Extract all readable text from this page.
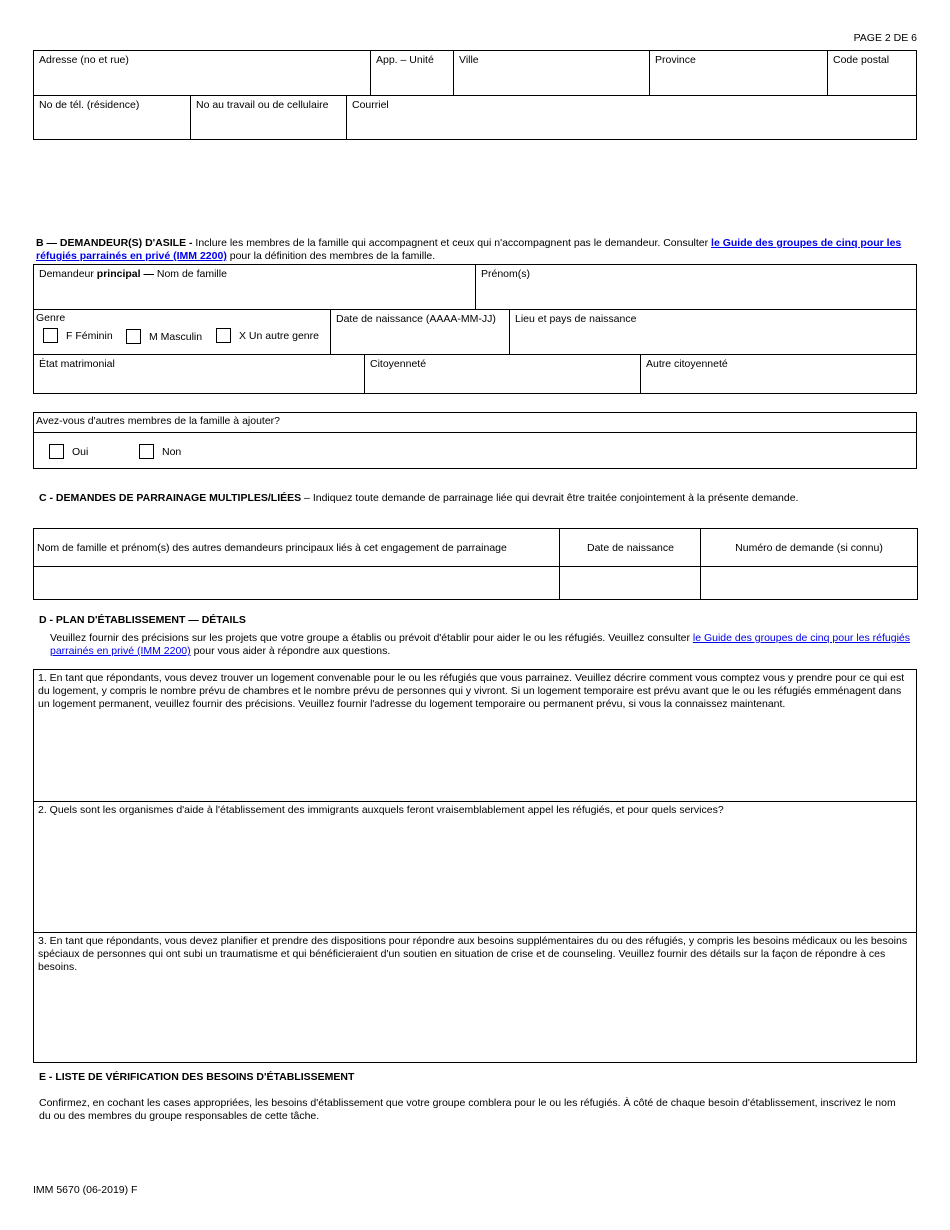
PAGE 2 DE 6
Adresse (no et rue)	App. – Unité	Ville	Province	Code postal
No de tél. (résidence)	No au travail ou de cellulaire	Courriel
B — DEMANDEUR(S) D'ASILE - Inclure les membres de la famille qui accompagnent et ceux qui n'accompagnent pas le demandeur. Consulter le Guide des groupes de cinq pour les réfugiés parrainés en privé (IMM 2200) pour la définition des membres de la famille.
Demandeur principal — Nom de famille	Prénom(s)
Genre	Date de naissance (AAAA-MM-JJ)	Lieu et pays de naissance
État matrimonial	Citoyenneté	Autre citoyenneté
F Féminin	M Masculin	X Un autre genre
Avez-vous d'autres membres de la famille à ajouter?
Oui	Non
C - DEMANDES DE PARRAINAGE MULTIPLES/LIÉES – Indiquez toute demande de parrainage liée qui devrait être traitée conjointement à la présente demande.
Nom de famille et prénom(s) des autres demandeurs principaux liés à cet engagement de parrainage	Date de naissance	Numéro de demande (si connu)
D - PLAN D'ÉTABLISSEMENT — DÉTAILS
Veuillez fournir des précisions sur les projets que votre groupe a établis ou prévoit d'établir pour aider le ou les réfugiés. Veuillez consulter le Guide des groupes de cinq pour les réfugiés parrainés en privé (IMM 2200) pour vous aider à répondre aux questions.
1. En tant que répondants, vous devez trouver un logement convenable pour le ou les réfugiés que vous parrainez. Veuillez décrire comment vous comptez vous y prendre pour ce qui est du logement, y compris le nombre prévu de chambres et le nombre prévu de personnes qui y vivront. Si un logement temporaire est prévu avant que le ou les réfugiés emménagent dans un logement permanent, veuillez fournir des précisions. Veuillez fournir l'adresse du logement temporaire ou permanent prévu, si vous la connaissez maintenant.
2. Quels sont les organismes d'aide à l'établissement des immigrants auxquels feront vraisemblablement appel les réfugiés, et pour quels services?
3. En tant que répondants, vous devez planifier et prendre des dispositions pour répondre aux besoins supplémentaires du ou des réfugiés, y compris les besoins médicaux ou les besoins spéciaux de personnes qui ont subi un traumatisme et qui bénéficieraient d'un soutien en situation de crise et de counseling. Veuillez fournir des détails sur la façon de répondre à ces besoins.
E - LISTE DE VÉRIFICATION DES BESOINS D'ÉTABLISSEMENT
Confirmez, en cochant les cases appropriées, les besoins d'établissement que votre groupe comblera pour le ou les réfugiés. À côté de chaque besoin d'établissement, inscrivez le nom du ou des membres du groupe responsables de cette tâche.
IMM 5670 (06-2019) F
